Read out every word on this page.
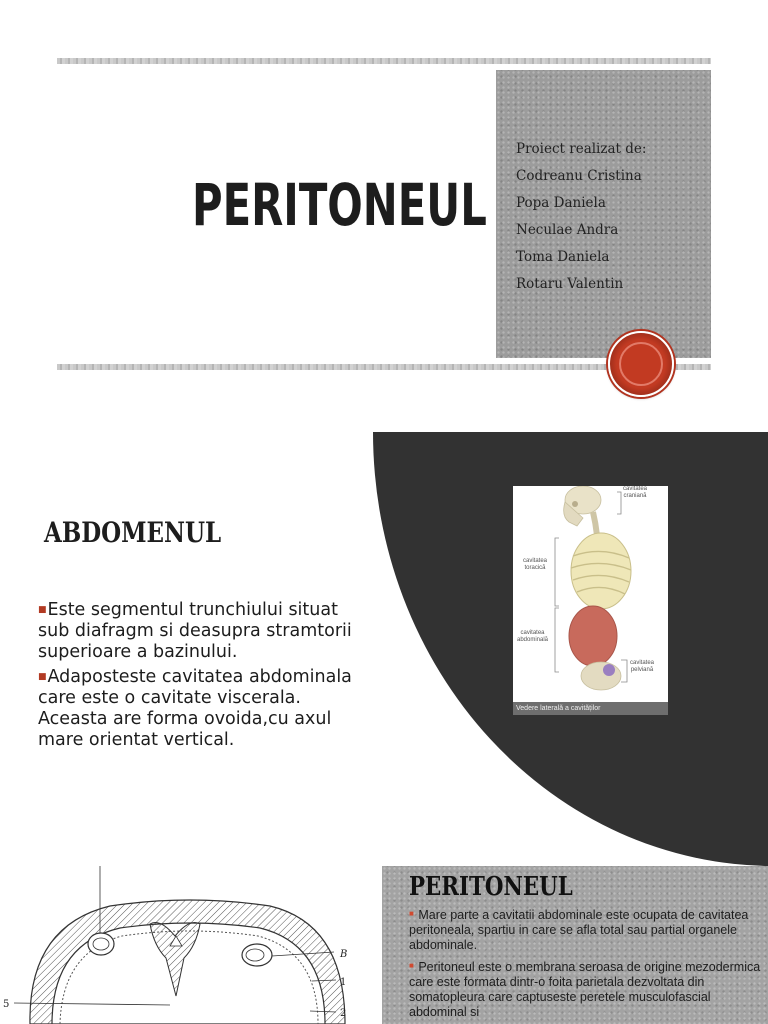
PERITONEUL
Proiect realizat de:
Codreanu Cristina
Popa Daniela
Neculae Andra
Toma Daniela
Rotaru Valentin
ABDOMENUL
■Este segmentul trunchiului situat sub diafragm si deasupra stramtorii superioare a bazinului.
■Adaposteste cavitatea abdominala care este o cavitate viscerala. Aceasta are forma ovoida,cu axul mare orientat vertical.
cavitatea
craniană
cavitatea
toracică
cavitatea
abdominală
cavitatea
pelviană
Vedere laterală a cavităților
B
1
2
5
PERITONEUL
■ Mare parte a cavitatii abdominale este ocupata de cavitatea peritoneala, spartiu in care se afla total sau partial organele abdominale.
■ Peritoneul este o membrana seroasa de origine mezodermica care este formata dintr-o foita parietala dezvoltata din somatopleura care captuseste peretele musculofascial abdominal si
